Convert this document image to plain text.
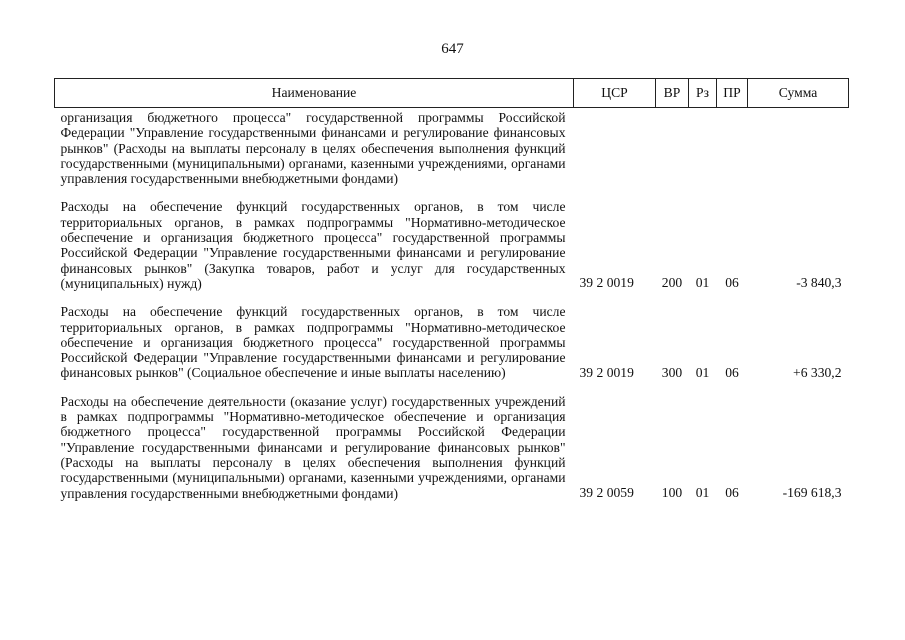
647
Наименование	ЦСР	ВР	Рз	ПР	Сумма
организация бюджетного процесса" государственной программы Российской Федерации "Управление государственными финансами и регулирование финансовых рынков" (Расходы на выплаты персоналу в целях обеспечения выполнения функций государственными (муниципальными) органами, казенными учреждениями, органами управления государственными внебюджетными фондами)					
Расходы на обеспечение функций государственных органов, в том числе территориальных органов, в рамках подпрограммы "Нормативно-методическое обеспечение и организация бюджетного процесса" государственной программы Российской Федерации "Управление государственными финансами и регулирование финансовых рынков" (Закупка товаров, работ и услуг для государственных (муниципальных) нужд)	39 2 0019	200	01	06	-3 840,3
Расходы на обеспечение функций государственных органов, в том числе территориальных органов, в рамках подпрограммы "Нормативно-методическое обеспечение и организация бюджетного процесса" государственной программы Российской Федерации "Управление государственными финансами и регулирование финансовых рынков" (Социальное обеспечение и иные выплаты населению)	39 2 0019	300	01	06	+6 330,2
Расходы на обеспечение деятельности (оказание услуг) государственных учреждений в рамках подпрограммы "Нормативно-методическое обеспечение и организация бюджетного процесса" государственной программы Российской Федерации "Управление государственными финансами и регулирование финансовых рынков" (Расходы на выплаты персоналу в целях обеспечения выполнения функций государственными (муниципальными) органами, казенными учреждениями, органами управления государственными внебюджетными фондами)	39 2 0059	100	01	06	-169 618,3
